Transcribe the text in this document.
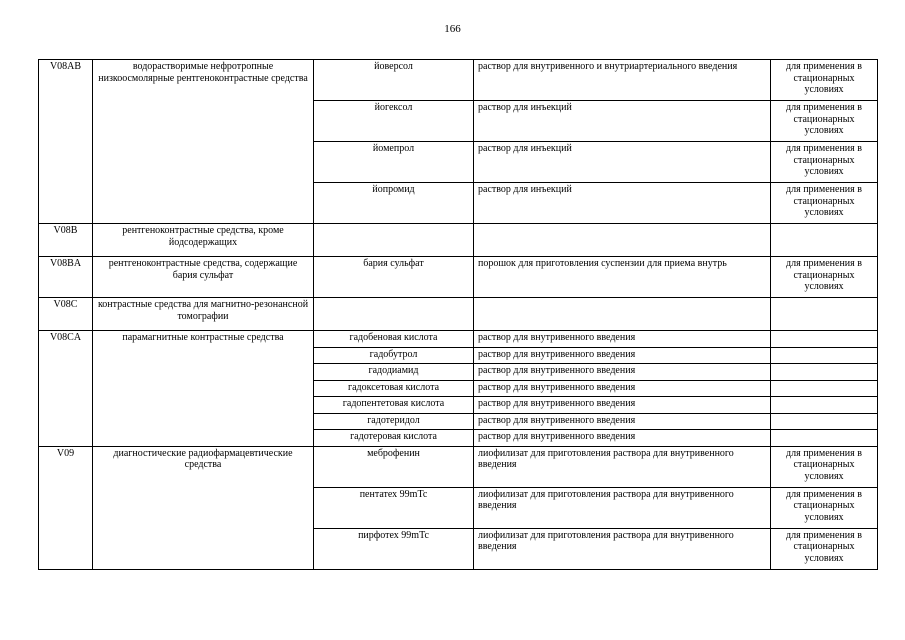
166
V08AB	водорастворимые нефротропные низкоосмолярные рентгеноконтрастные средства	йоверсол	раствор для внутривенного и внутриартериального введения	для применения в стационарных условиях
		йогексол	раствор для инъекций	для применения в стационарных условиях
		йомепрол	раствор для инъекций	для применения в стационарных условиях
		йопромид	раствор для инъекций	для применения в стационарных условиях
V08B	рентгеноконтрастные средства, кроме йодсодержащих			
V08BA	рентгеноконтрастные средства, содержащие бария сульфат	бария сульфат	порошок для приготовления суспензии для приема внутрь	для применения в стационарных условиях
V08C	контрастные средства для магнитно-резонансной томографии			
V08CA	парамагнитные контрастные средства	гадобеновая кислота	раствор для внутривенного введения	
		гадобутрол	раствор для внутривенного введения	
		гадодиамид	раствор для внутривенного введения	
		гадоксетовая кислота	раствор для внутривенного введения	
		гадопентетовая кислота	раствор для внутривенного введения	
		гадотеридол	раствор для внутривенного введения	
		гадотеровая кислота	раствор для внутривенного введения	
V09	диагностические радиофармацевтические средства	меброфенин	лиофилизат для приготовления раствора для внутривенного введения	для применения в стационарных условиях
		пентатех 99mTc	лиофилизат для приготовления раствора для внутривенного введения	для применения в стационарных условиях
		пирфотех 99mTc	лиофилизат для приготовления раствора для внутривенного введения	для применения в стационарных условиях
